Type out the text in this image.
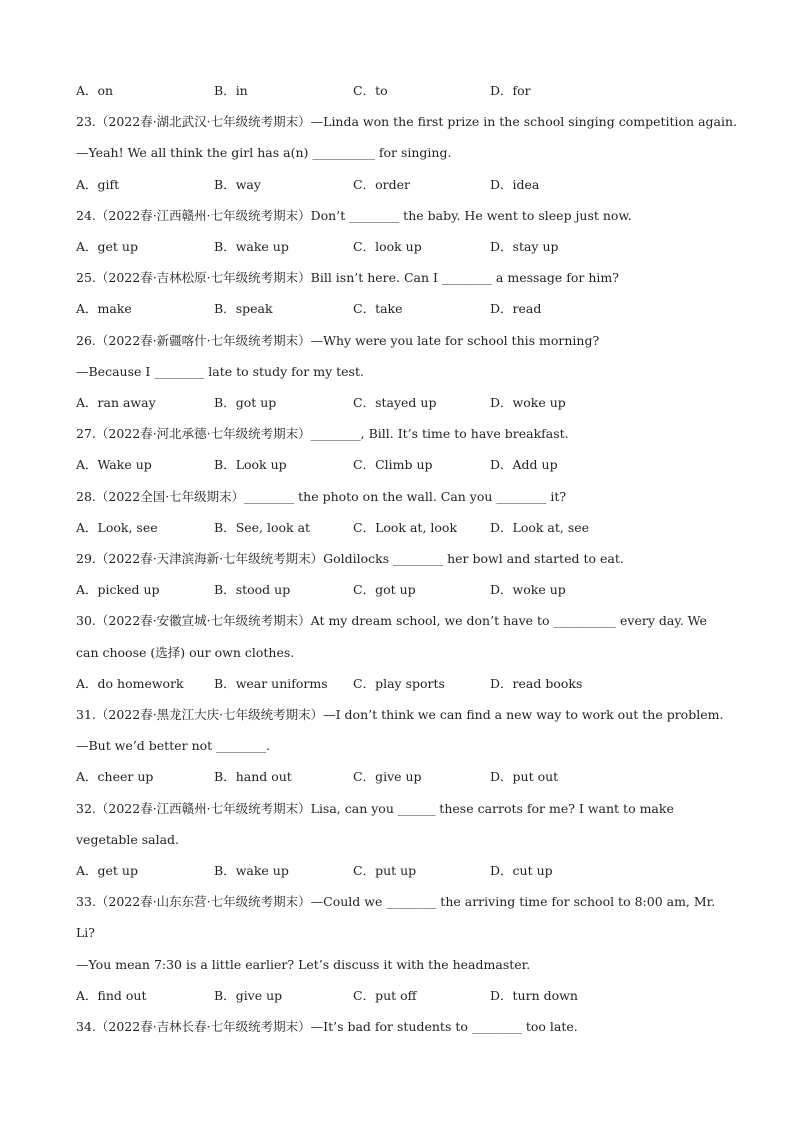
A．on	B．in	C．to	D．for
23.（2022春·湖北武汉·七年级统考期末）—Linda won the first prize in the school singing competition again.
—Yeah! We all think the girl has a(n) __________ for singing.
A．gift	B．way	C．order	D．idea
24.（2022春·江西赣州·七年级统考期末）Don’t ________ the baby. He went to sleep just now.
A．get up	B．wake up	C．look up	D．stay up
25.（2022春·吉林松原·七年级统考期末）Bill isn’t here. Can I ________ a message for him?
A．make	B．speak	C．take	D．read
26.（2022春·新疆喀什·七年级统考期末）—Why were you late for school this morning?
—Because I ________ late to study for my test.
A．ran away	B．got up	C．stayed up	D．woke up
27.（2022春·河北承德·七年级统考期末）________, Bill. It’s time to have breakfast.
A．Wake up	B．Look up	C．Climb up	D．Add up
28.（2022全国·七年级期末）________ the photo on the wall. Can you ________ it?
A．Look, see	B．See, look at	C．Look at, look	D．Look at, see
29.（2022春·天津滨海新·七年级统考期末）Goldilocks ________ her bowl and started to eat.
A．picked up	B．stood up	C．got up	D．woke up
30.（2022春·安徽宣城·七年级统考期末）At my dream school, we don’t have to __________ every day. We
can choose (选择) our own clothes.
A．do homework B．wear uniforms C．play sports	D．read books
31.（2022春·黑龙江大庆·七年级统考期末）—I don’t think we can find a new way to work out the problem.
—But we’d better not ________.
A．cheer up	B．hand out	C．give up	D．put out
32.（2022春·江西赣州·七年级统考期末）Lisa, can you ______ these carrots for me? I want to make
vegetable salad.
A．get up	B．wake up	C．put up	D．cut up
33.（2022春·山东东营·七年级统考期末）—Could we ________ the arriving time for school to 8:00 am, Mr.
Li?
—You mean 7:30 is a little earlier? Let’s discuss it with the headmaster.
A．find out	B．give up	C．put off	D．turn down
34.（2022春·吉林长春·七年级统考期末）—It’s bad for students to ________ too late.
